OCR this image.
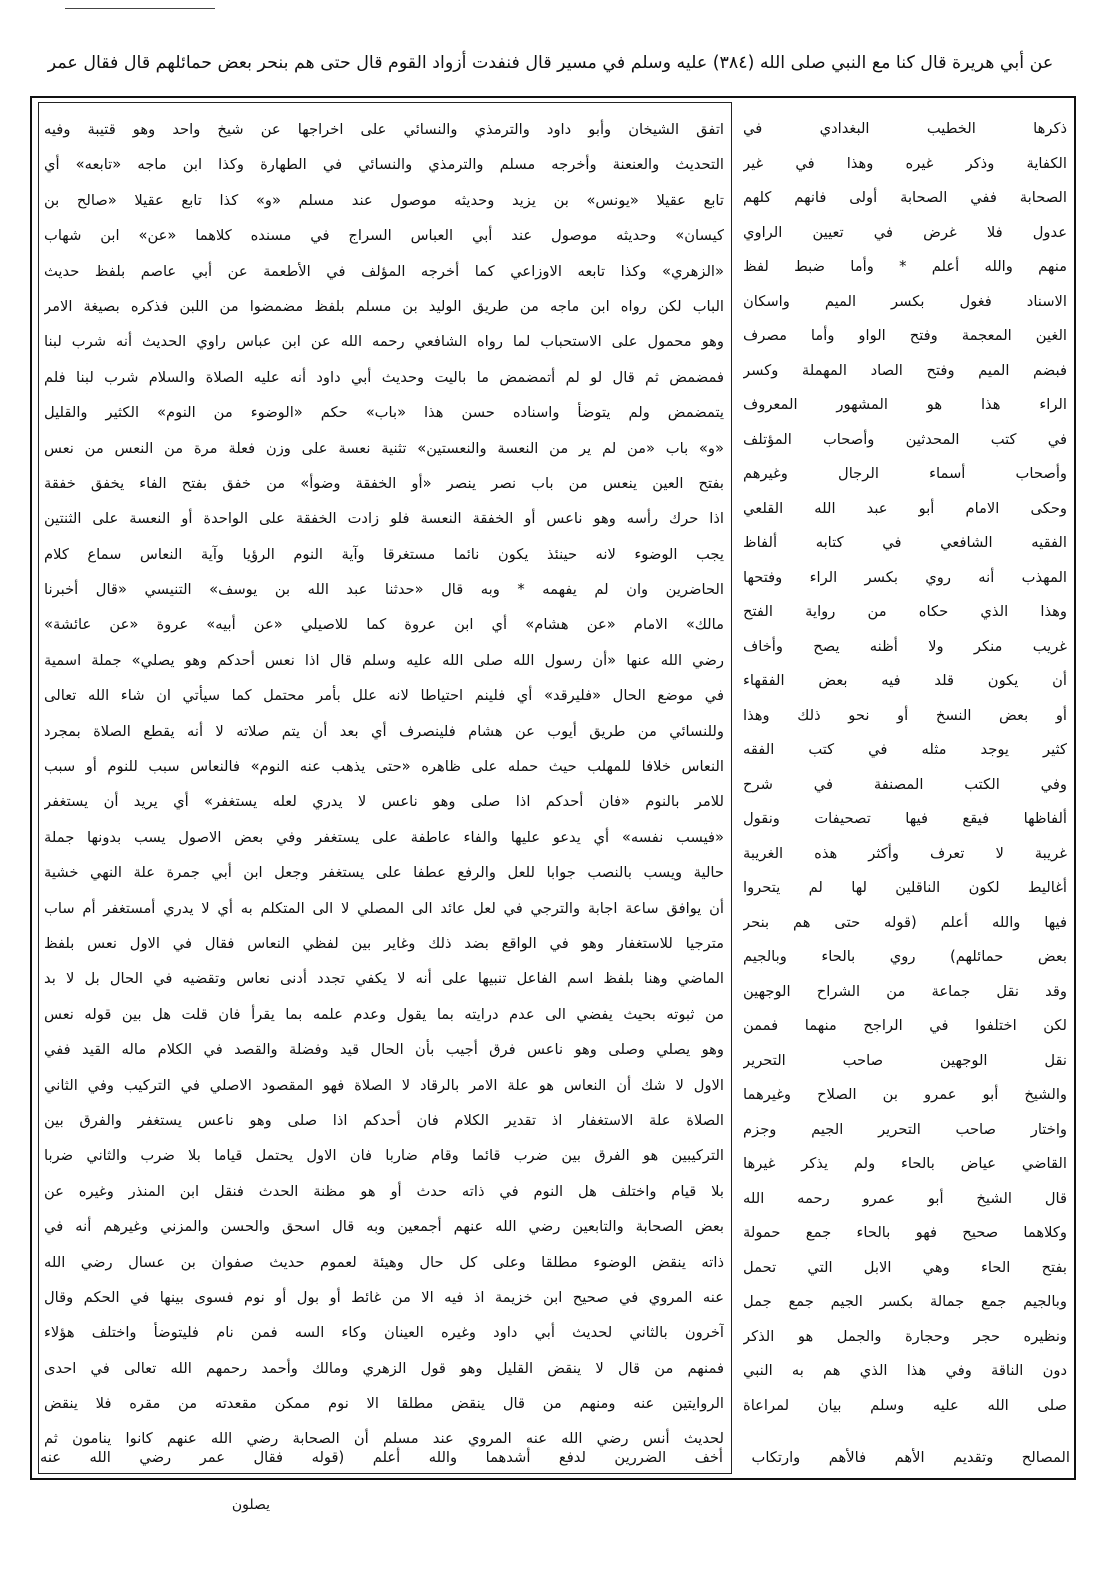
عن أبي هريرة قال كنا مع النبي صلى الله (٣٨٤) عليه وسلم في مسير قال فنفدت أزواد القوم قال حتى هم بنحر بعض حمائلهم قال فقال عمر

اتفق الشيخان وأبو داود والترمذي والنسائي على اخراجها عن شيخ واحد وهو قتيبة وفيه

التحديث والعنعنة وأخرجه مسلم والترمذي والنسائي في الطهارة وكذا ابن ماجه «تابعه» أي

تابع عقيلا «يونس» بن يزيد وحديثه موصول عند مسلم «و» كذا تابع عقيلا «صالح بن

كيسان» وحديثه موصول عند أبي العباس السراج في مسنده كلاهما «عن» ابن شهاب

«الزهري» وكذا تابعه الاوزاعي كما أخرجه المؤلف في الأطعمة عن أبي عاصم بلفظ حديث

الباب لكن رواه ابن ماجه من طريق الوليد بن مسلم بلفظ مضمضوا من اللبن فذكره بصيغة الامر

وهو محمول على الاستحباب لما رواه الشافعي رحمه الله عن ابن عباس راوي الحديث أنه شرب لبنا

فمضمض ثم قال لو لم أتمضمض ما باليت وحديث أبي داود أنه عليه الصلاة والسلام شرب لبنا فلم

يتمضمض ولم يتوضأ واسناده حسن هذا «باب» حكم «الوضوء من النوم» الكثير والقليل

«و» باب «من لم ير من النعسة والنعستين» تثنية نعسة على وزن فعلة مرة من النعس من نعس

بفتح العين ينعس من باب نصر ينصر «أو الخفقة وضوأ» من خفق بفتح الفاء يخفق خفقة

اذا حرك رأسه وهو ناعس أو الخفقة النعسة فلو زادت الخفقة على الواحدة أو النعسة على الثنتين

يجب الوضوء لانه حينئذ يكون نائما مستغرقا وآية النوم الرؤيا وآية النعاس سماع كلام

الحاضرين وان لم يفهمه * وبه قال «حدثنا عبد الله بن يوسف» التنيسي «قال أخبرنا

مالك» الامام «عن هشام» أي ابن عروة كما للاصيلي «عن أبيه» عروة «عن عائشة»

رضي الله عنها «أن رسول الله صلى الله عليه وسلم قال اذا نعس أحدكم وهو يصلي» جملة اسمية

في موضع الحال «فليرقد» أي فلينم احتياطا لانه علل بأمر محتمل كما سيأتي ان شاء الله تعالى

وللنسائي من طريق أيوب عن هشام فلينصرف أي بعد أن يتم صلاته لا أنه يقطع الصلاة بمجرد

النعاس خلافا للمهلب حيث حمله على ظاهره «حتى يذهب عنه النوم» فالنعاس سبب للنوم أو سبب

للامر بالنوم «فان أحدكم اذا صلى وهو ناعس لا يدري لعله يستغفر» أي يريد أن يستغفر

«فيسب نفسه» أي يدعو عليها والفاء عاطفة على يستغفر وفي بعض الاصول يسب بدونها جملة

حالية ويسب بالنصب جوابا للعل والرفع عطفا على يستغفر وجعل ابن أبي جمرة علة النهي خشية

أن يوافق ساعة اجابة والترجي في لعل عائد الى المصلي لا الى المتكلم به أي لا يدري أمستغفر أم ساب

مترجيا للاستغفار وهو في الواقع بضد ذلك وغاير بين لفظي النعاس فقال في الاول نعس بلفظ

الماضي وهنا بلفظ اسم الفاعل تنبيها على أنه لا يكفي تجدد أدنى نعاس وتقضيه في الحال بل لا بد

من ثبوته بحيث يفضي الى عدم درايته بما يقول وعدم علمه بما يقرأ فان قلت هل بين قوله نعس

وهو يصلي وصلى وهو ناعس فرق أجيب بأن الحال قيد وفضلة والقصد في الكلام ماله القيد ففي

الاول لا شك أن النعاس هو علة الامر بالرقاد لا الصلاة فهو المقصود الاصلي في التركيب وفي الثاني

الصلاة علة الاستغفار اذ تقدير الكلام فان أحدكم اذا صلى وهو ناعس يستغفر والفرق بين

التركيبين هو الفرق بين ضرب قائما وقام ضاربا فان الاول يحتمل قياما بلا ضرب والثاني ضربا

بلا قيام واختلف هل النوم في ذاته حدث أو هو مظنة الحدث فنقل ابن المنذر وغيره عن

بعض الصحابة والتابعين رضي الله عنهم أجمعين وبه قال اسحق والحسن والمزني وغيرهم أنه في

ذاته ينقض الوضوء مطلقا وعلى كل حال وهيئة لعموم حديث صفوان بن عسال رضي الله

عنه المروي في صحيح ابن خزيمة اذ فيه الا من غائط أو بول أو نوم فسوى بينها في الحكم وقال

آخرون بالثاني لحديث أبي داود وغيره العينان وكاء السه فمن نام فليتوضأ واختلف هؤلاء

فمنهم من قال لا ينقض القليل وهو قول الزهري ومالك وأحمد رحمهم الله تعالى في احدى

الروايتين عنه ومنهم من قال ينقض مطلقا الا نوم ممكن مقعدته من مقره فلا ينقض

لحديث أنس رضي الله عنه المروي عند مسلم أن الصحابة رضي الله عنهم كانوا ينامون ثم

ذكرها الخطيب البغدادي في

الكفاية وذكر غيره وهذا في غير

الصحابة ففي الصحابة أولى فانهم كلهم

عدول فلا غرض في تعيين الراوي

منهم والله أعلم * وأما ضبط لفظ

الاسناد فغول بكسر الميم واسكان

الغين المعجمة وفتح الواو وأما مصرف

فبضم الميم وفتح الصاد المهملة وكسر

الراء هذا هو المشهور المعروف

في كتب المحدثين وأصحاب المؤتلف

وأصحاب أسماء الرجال وغيرهم

وحكى الامام أبو عبد الله القلعي

الفقيه الشافعي في كتابه ألفاظ

المهذب أنه روي بكسر الراء وفتحها

وهذا الذي حكاه من رواية الفتح

غريب منكر ولا أظنه يصح وأخاف

أن يكون قلد فيه بعض الفقهاء

أو بعض النسخ أو نحو ذلك وهذا

كثير يوجد مثله في كتب الفقه

وفي الكتب المصنفة في شرح

ألفاظها فيقع فيها تصحيفات ونقول

غريبة لا تعرف وأكثر هذه الغريبة

أغاليط لكون الناقلين لها لم يتحروا

فيها والله أعلم (قوله حتى هم بنحر

بعض حمائلهم) روي بالحاء وبالجيم

وقد نقل جماعة من الشراح الوجهين

لكن اختلفوا في الراجح منهما فممن

نقل الوجهين صاحب التحرير

والشيخ أبو عمرو بن الصلاح وغيرهما

واختار صاحب التحرير الجيم وجزم

القاضي عياض بالحاء ولم يذكر غيرها

قال الشيخ أبو عمرو رحمه الله

وكلاهما صحيح فهو بالحاء جمع حمولة

بفتح الحاء وهي الابل التي تحمل

وبالجيم جمع جمالة بكسر الجيم جمع جمل

ونظيره حجر وحجارة والجمل هو الذكر

دون الناقة وفي هذا الذي هم به النبي

صلى الله عليه وسلم بيان لمراعاة

المصالح وتقديم الأهم فالأهم وارتكاب أخف الضررين لدفع أشدهما والله أعلم (قوله فقال عمر رضي الله عنه
يصلون
